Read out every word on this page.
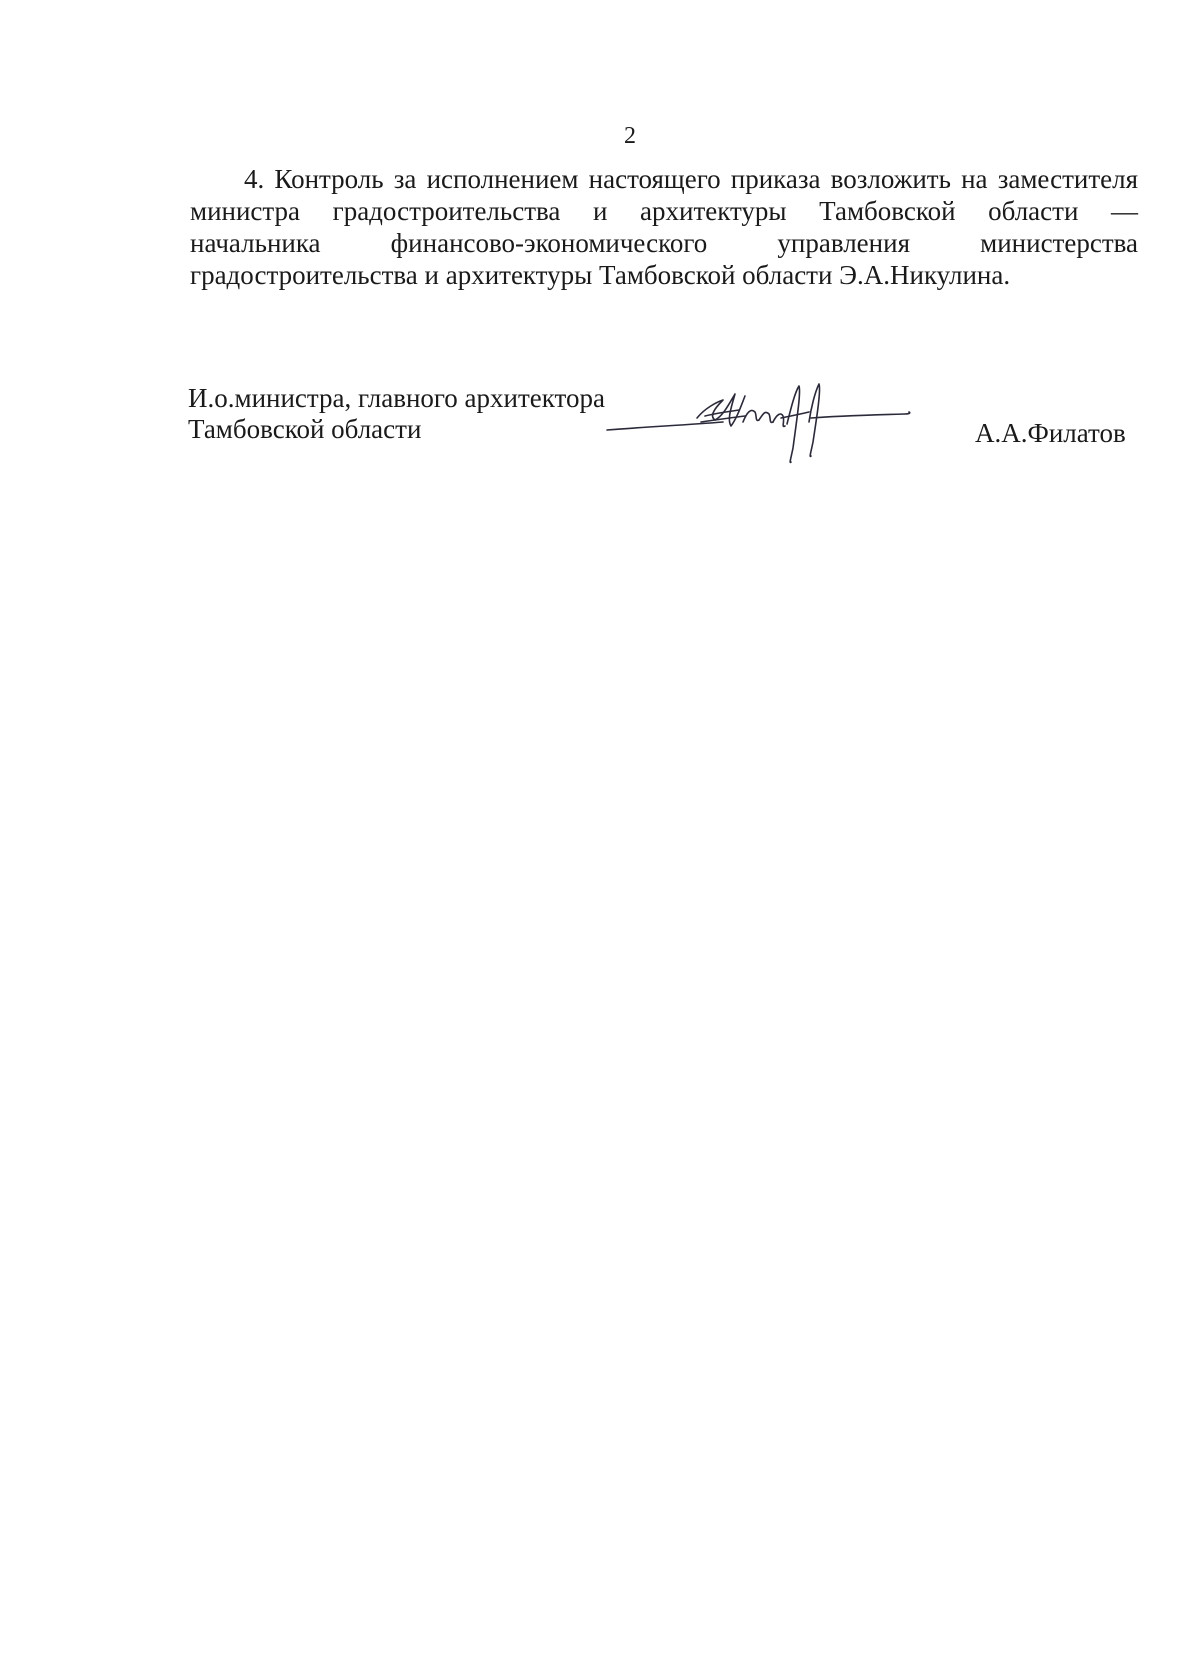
2
4. Контроль за исполнением настоящего приказа возложить на заместителя
министра градостроительства и архитектуры Тамбовской области —
начальника финансово-экономического управления министерства
градостроительства и архитектуры Тамбовской области Э.А.Никулина.
И.о.министра, главного архитектора
Тамбовской области	А.А.Филатов
